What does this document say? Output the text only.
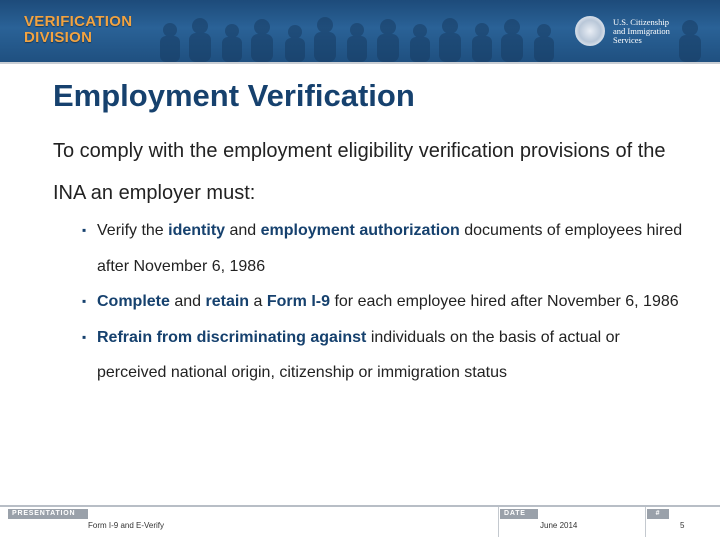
VERIFICATION
DIVISION
U.S. Citizenship
and Immigration
Services
Employment Verification

To comply with the employment eligibility verification provisions of the INA an employer must:

▪ Verify the identity and employment authorization documents of employees hired after November 6, 1986
▪ Complete and retain a Form I-9 for each employee hired after November 6, 1986
▪ Refrain from discriminating against individuals on the basis of actual or perceived national origin, citizenship or immigration status
PRESENTATION
Form I-9 and E-Verify
DATE
June 2014
#
5
